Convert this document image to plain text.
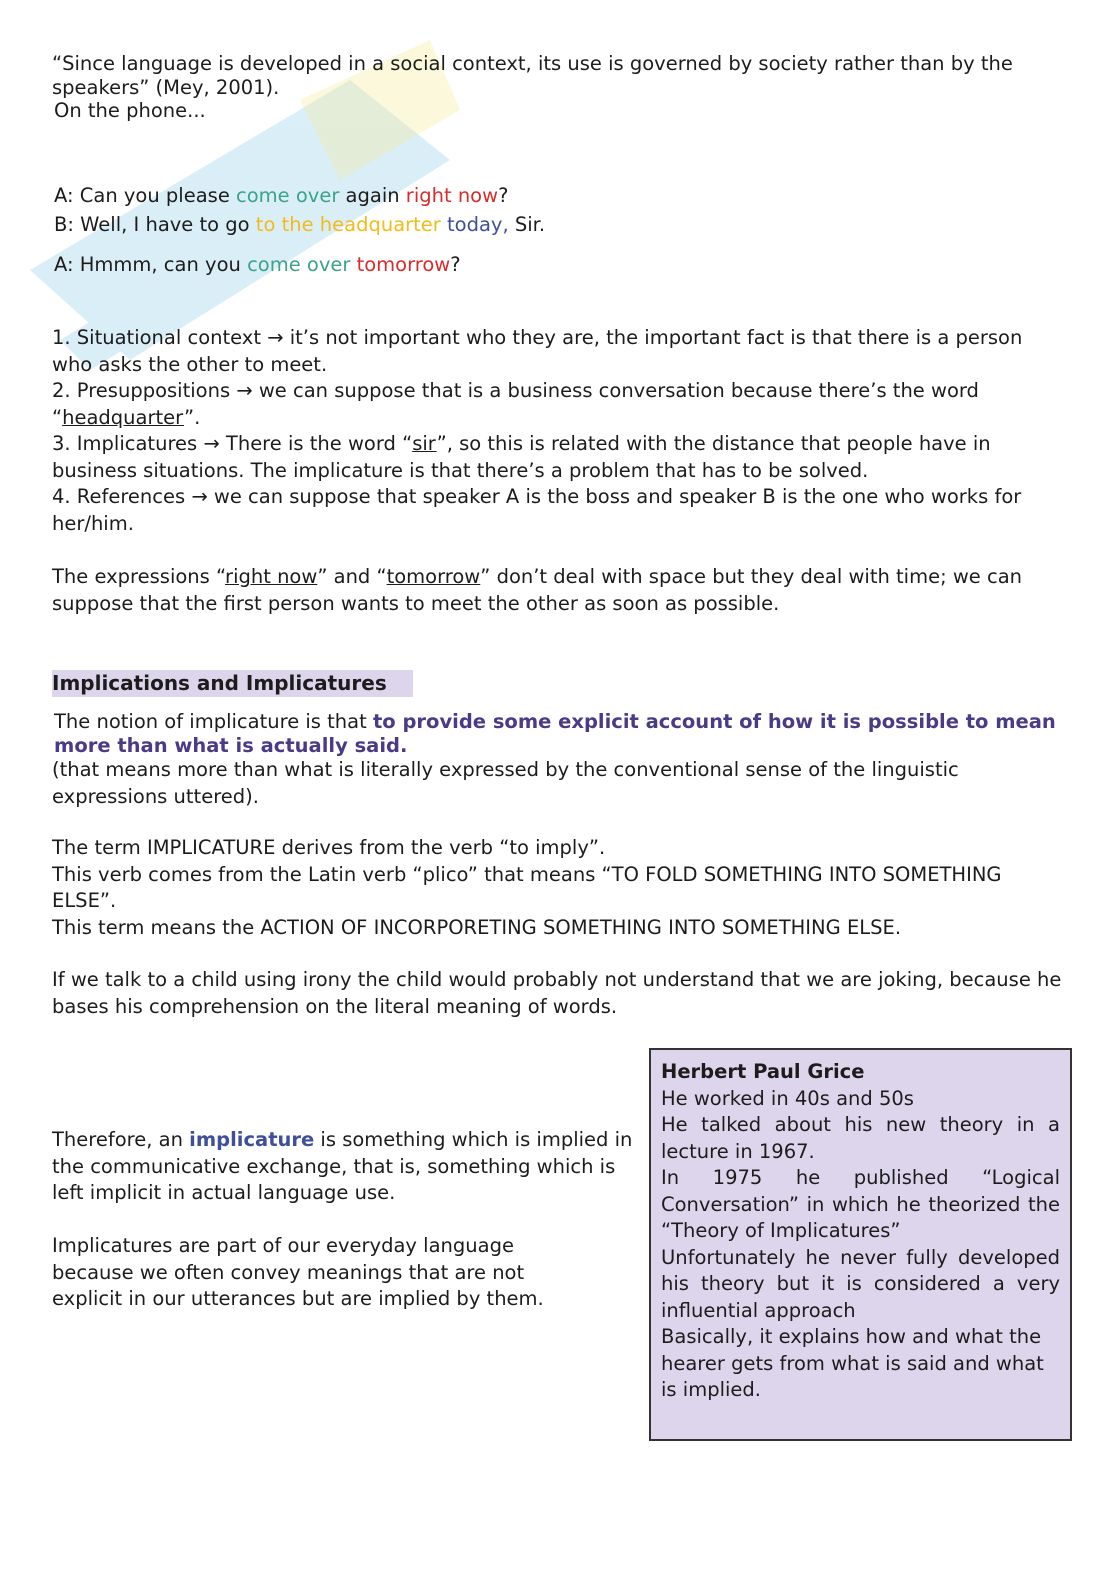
“Since language is developed in a social context, its use is governed by society rather than by the speakers” (Mey, 2001).

On the phone...

A: Can you please come over again right now?
B: Well, I have to go to the headquarter today, Sir.
A: Hmmm, can you come over tomorrow?

1. Situational context → it’s not important who they are, the important fact is that there is a person who asks the other to meet.

2. Presuppositions → we can suppose that is a business conversation because there’s the word “headquarter”.

3. Implicatures → There is the word “sir”, so this is related with the distance that people have in business situations. The implicature is that there’s a problem that has to be solved.

4. References → we can suppose that speaker A is the boss and speaker B is the one who works for her/him.

The expressions “right now” and “tomorrow” don’t deal with space but they deal with time; we can suppose that the first person wants to meet the other as soon as possible.
Implications and Implicatures

The notion of implicature is that to provide some explicit account of how it is possible to mean more than what is actually said.

(that means more than what is literally expressed by the conventional sense of the linguistic expressions uttered).

The term IMPLICATURE derives from the verb “to imply”.

This verb comes from the Latin verb “plico” that means “TO FOLD SOMETHING INTO SOMETHING ELSE”.

This term means the ACTION OF INCORPORETING SOMETHING INTO SOMETHING ELSE.

If we talk to a child using irony the child would probably not understand that we are joking, because he bases his comprehension on the literal meaning of words.
Therefore, an implicature is something which is implied in the communicative exchange, that is, something which is left implicit in actual language use.
Implicatures are part of our everyday language because we often convey meanings that are not explicit in our utterances but are implied by them.

Herbert Paul Grice

He worked in 40s and 50s

He talked about his new theory in a lecture in 1967.

In 1975 he published “Logical Conversation” in which he theorized the “Theory of Implicatures”

Unfortunately he never fully developed his theory but it is considered a very influential approach

Basically, it explains how and what the hearer gets from what is said and what is implied.
